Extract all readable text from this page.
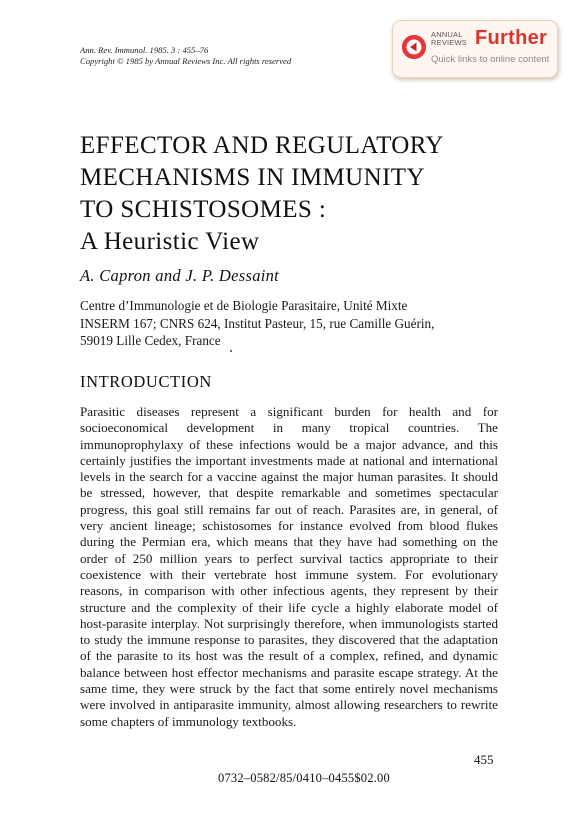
Ann. Rev. Immunol. 1985. 3 : 455–76
Copyright © 1985 by Annual Reviews Inc. All rights reserved
ANNUAL
REVIEWS Further
Quick links to online content
EFFECTOR AND REGULATORY
MECHANISMS IN IMMUNITY
TO SCHISTOSOMES :
A Heuristic View
A. Capron and J. P. Dessaint
Centre d’Immunologie et de Biologie Parasitaire, Unité Mixte
INSERM 167; CNRS 624, Institut Pasteur, 15, rue Camille Guérin,
59019 Lille Cedex, France
INTRODUCTION

Parasitic diseases represent a significant burden for health and for socioeconomical development in many tropical countries. The immunoprophylaxy of these infections would be a major advance, and this certainly justifies the important investments made at national and international levels in the search for a vaccine against the major human parasites. It should be stressed, however, that despite remarkable and sometimes spectacular progress, this goal still remains far out of reach. Parasites are, in general, of very ancient lineage; schistosomes for instance evolved from blood flukes during the Permian era, which means that they have had something on the order of 250 million years to perfect survival tactics appropriate to their coexistence with their vertebrate host immune system. For evolutionary reasons, in comparison with other infectious agents, they represent by their structure and the complexity of their life cycle a highly elaborate model of host-parasite interplay. Not surprisingly therefore, when immunologists started to study the immune response to parasites, they discovered that the adaptation of the parasite to its host was the result of a complex, refined, and dynamic balance between host effector mechanisms and parasite escape strategy. At the same time, they were struck by the fact that some entirely novel mechanisms were involved in antiparasite immunity, almost allowing researchers to rewrite some chapters of immunology textbooks.

455
0732–0582/85/0410–0455$02.00
